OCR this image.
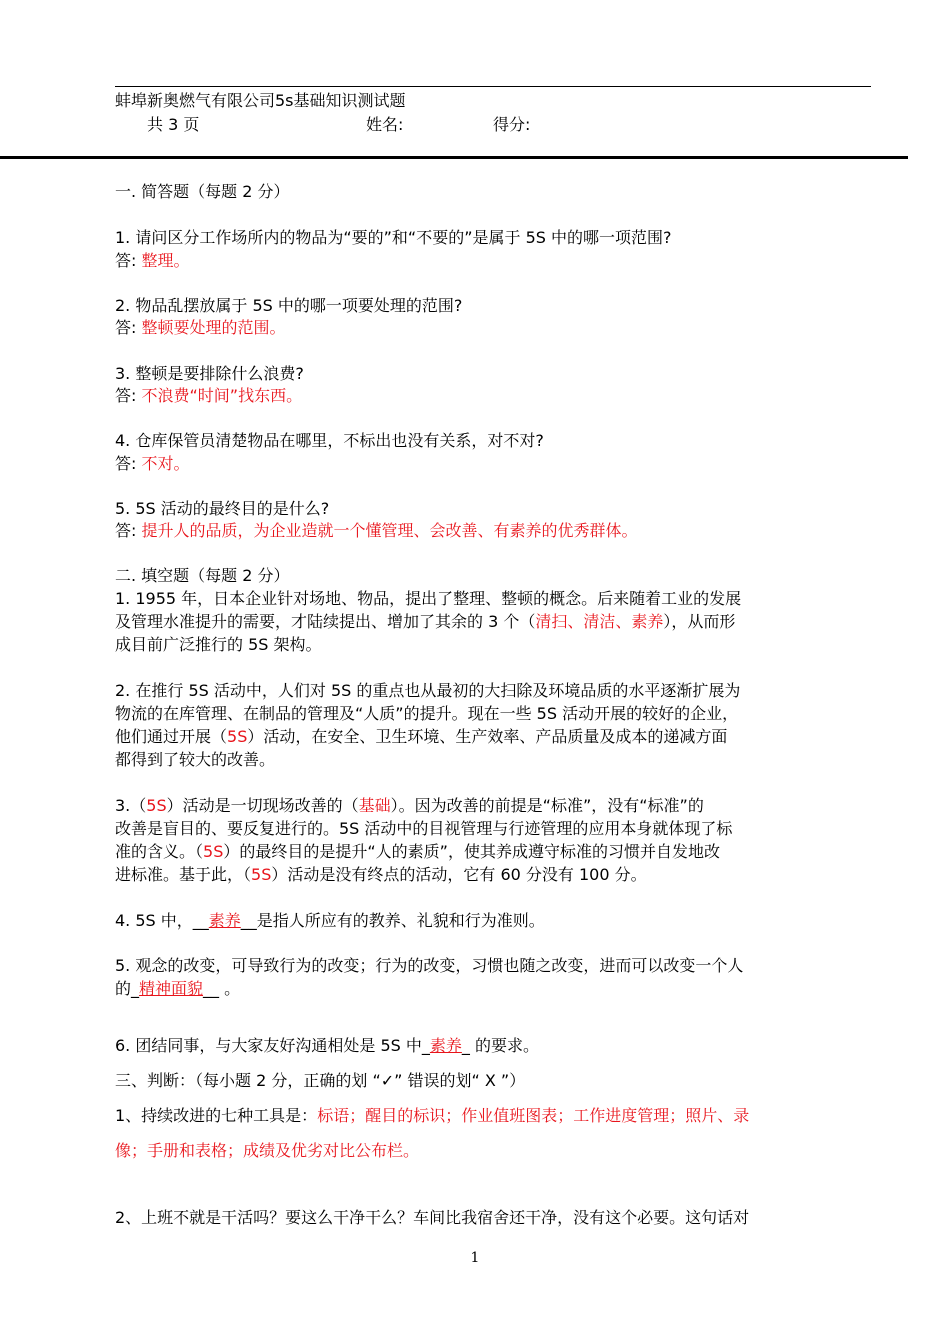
蚌埠新奥燃气有限公司5s基础知识测试题
共 3 页	姓名:	得分:
一. 简答题（每题 2 分）
1. 请问区分工作场所内的物品为“要的”和“不要的”是属于 5S 中的哪一项范围?
答: 整理。
2. 物品乱摆放属于 5S 中的哪一项要处理的范围?
答: 整顿要处理的范围。
3. 整顿是要排除什么浪费?
答: 不浪费“时间”找东西。
4. 仓库保管员清楚物品在哪里，不标出也没有关系，对不对?
答: 不对。
5. 5S 活动的最终目的是什么?
答: 提升人的品质，为企业造就一个懂管理、会改善、有素养的优秀群体。
二. 填空题（每题 2 分）
1. 1955 年，日本企业针对场地、物品，提出了整理、整顿的概念。后来随着工业的发展
及管理水准提升的需要，才陆续提出、增加了其余的 3 个（清扫、清洁、素养），从而形
成目前广泛推行的 5S 架构。
2. 在推行 5S 活动中，人们对 5S 的重点也从最初的大扫除及环境品质的水平逐渐扩展为
物流的在库管理、在制品的管理及“人质”的提升。现在一些 5S 活动开展的较好的企业，
他们通过开展（5S）活动，在安全、卫生环境、生产效率、产品质量及成本的递减方面
都得到了较大的改善。
3.（5S）活动是一切现场改善的（基础）。因为改善的前提是“标准”，没有“标准”的
改善是盲目的、要反复进行的。5S 活动中的目视管理与行迹管理的应用本身就体现了标
准的含义。（5S）的最终目的是提升“人的素质”，使其养成遵守标准的习惯并自发地改
进标准。基于此，（5S）活动是没有终点的活动，它有 60 分没有 100 分。
4. 5S 中，__素养__是指人所应有的教养、礼貌和行为准则。
5. 观念的改变，可导致行为的改变；行为的改变，习惯也随之改变，进而可以改变一个人
的_精神面貌__ 。
6. 团结同事，与大家友好沟通相处是 5S 中_素养_ 的要求。
三、判断：（每小题 2 分，正确的划 “✓” 错误的划“ X ”）
1、持续改进的七种工具是：标语；醒目的标识；作业值班图表；工作进度管理；照片、录
像；手册和表格；成绩及优劣对比公布栏。
2、上班不就是干活吗？要这么干净干么？车间比我宿舍还干净，没有这个必要。这句话对
1
